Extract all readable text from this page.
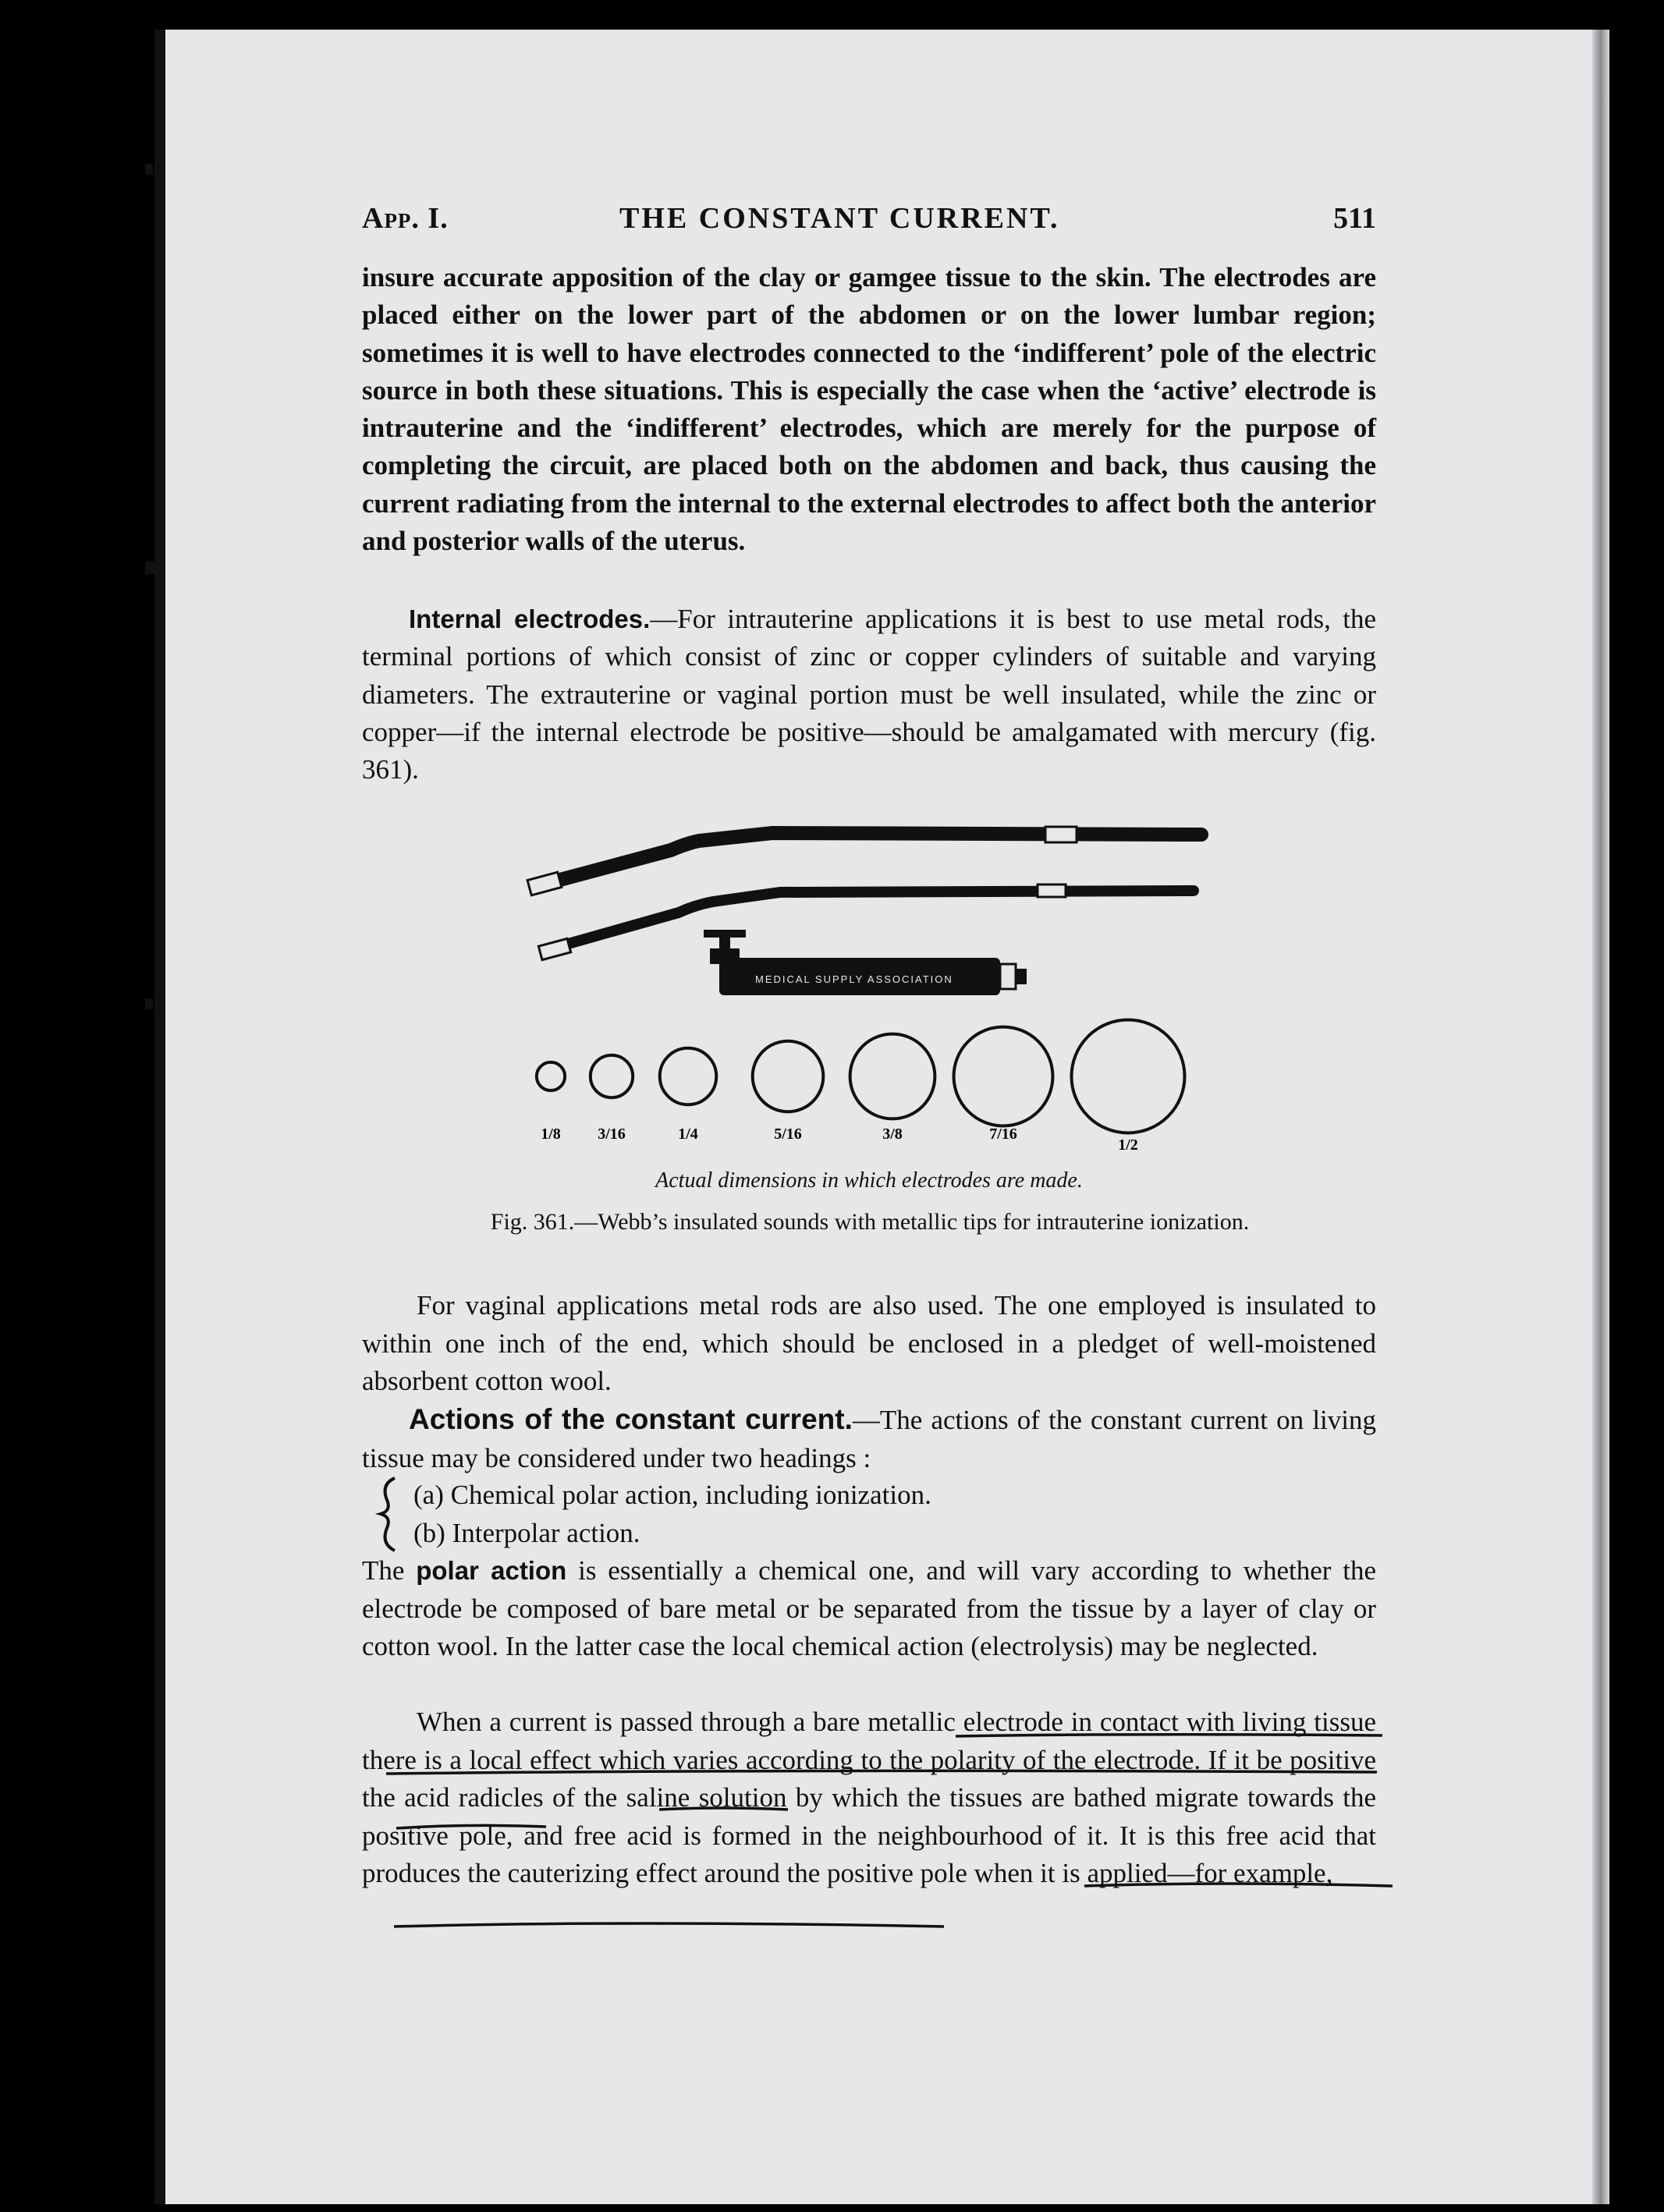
App. I.	THE CONSTANT CURRENT.	511

insure accurate apposition of the clay or gamgee tissue to the skin. The electrodes are placed either on the lower part of the abdomen or on the lower lumbar region; sometimes it is well to have electrodes connected to the ‘indifferent’ pole of the electric source in both these situations. This is especially the case when the ‘active’ electrode is intrauterine and the ‘indifferent’ electrodes, which are merely for the purpose of completing the circuit, are placed both on the abdomen and back, thus causing the current radiating from the internal to the external electrodes to affect both the anterior and posterior walls of the uterus.

Internal electrodes.—For intrauterine applications it is best to use metal rods, the terminal portions of which consist of zinc or copper cylinders of suitable and varying diameters. The extrauterine or vaginal portion must be well insulated, while the zinc or copper—if the internal electrode be positive—should be amalgamated with mercury (fig. 361).

MEDICAL SUPPLY ASSOCIATION
1/8 3/16	1/4	5/16	3/8	7/16
1/2
Actual dimensions in which electrodes are made.
Fig. 361.—Webb’s insulated sounds with metallic tips for intrauterine ionization.

For vaginal applications metal rods are also used. The one employed is insulated to within one inch of the end, which should be enclosed in a pledget of well-moistened absorbent cotton wool.

Actions of the constant current.—The actions of the constant current on living tissue may be considered under two headings :

(a) Chemical polar action, including ionization.
(b) Interpolar action.

The polar action is essentially a chemical one, and will vary according to whether the electrode be composed of bare metal or be separated from the tissue by a layer of clay or cotton wool. In the latter case the local chemical action (electrolysis) may be neglected.

When a current is passed through a bare metallic electrode in contact with living tissue there is a local effect which varies according to the polarity of the electrode. If it be positive the acid radicles of the saline solution by which the tissues are bathed migrate towards the positive pole, and free acid is formed in the neighbourhood of it. It is this free acid that produces the cauterizing effect around the positive pole when it is applied—for example,
